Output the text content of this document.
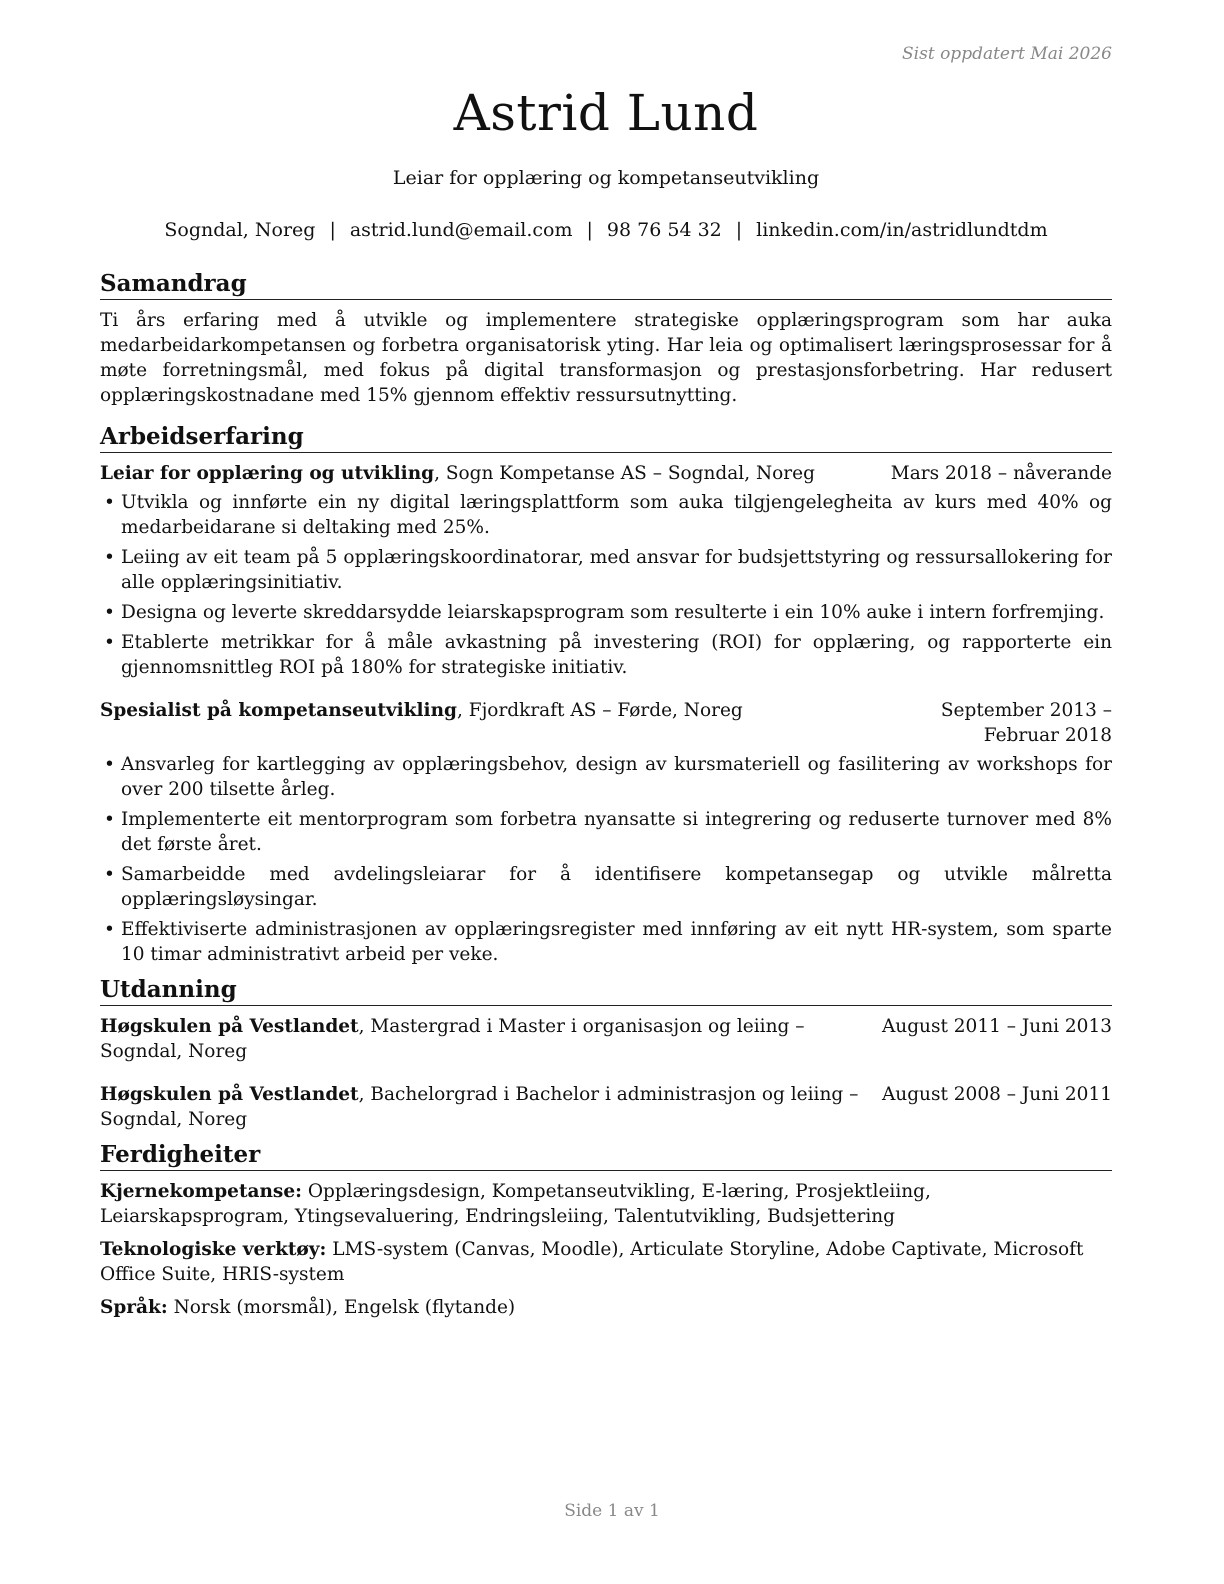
Sist oppdatert Mai 2026
Astrid Lund
Leiar for opplæring og kompetanseutvikling
Sogndal, Noreg | astrid.lund@email.com | 98 76 54 32 | linkedin.com/in/astridlundtdm
Samandrag
Ti års erfaring med å utvikle og implementere strategiske opplæringsprogram som har auka medarbeidarkompetansen og forbetra organisatorisk yting. Har leia og optimalisert læringsprosessar for å møte forretningsmål, med fokus på digital transformasjon og prestasjonsforbetring. Har redusert opplæringskostnadane med 15% gjennom effektiv ressursutnytting.
Arbeidserfaring
Leiar for opplæring og utvikling, Sogn Kompetanse AS – Sogndal, Noreg	Mars 2018 – nåverande
• Utvikla og innførte ein ny digital læringsplattform som auka tilgjengelegheita av kurs med 40% og medarbeidarane si deltaking med 25%.
• Leiing av eit team på 5 opplæringskoordinatorar, med ansvar for budsjettstyring og ressursallokering for alle opplæringsinitiativ.
• Designa og leverte skreddarsydde leiarskapsprogram som resulterte i ein 10% auke i intern forfremjing.
• Etablerte metrikkar for å måle avkastning på investering (ROI) for opplæring, og rapporterte ein gjennomsnittleg ROI på 180% for strategiske initiativ.
Spesialist på kompetanseutvikling, Fjordkraft AS – Førde, Noreg	September 2013 – Februar 2018
• Ansvarleg for kartlegging av opplæringsbehov, design av kursmateriell og fasilitering av workshops for over 200 tilsette årleg.
• Implementerte eit mentorprogram som forbetra nyansatte si integrering og reduserte turnover med 8% det første året.
• Samarbeidde med avdelingsleiarar for å identifisere kompetansegap og utvikle målretta opplæringsløysingar.
• Effektiviserte administrasjonen av opplæringsregister med innføring av eit nytt HR-system, som sparte 10 timar administrativt arbeid per veke.
Utdanning
Høgskulen på Vestlandet, Mastergrad i Master i organisasjon og leiing – Sogndal, Noreg
August 2011 – Juni 2013
Høgskulen på Vestlandet, Bachelorgrad i Bachelor i administrasjon og leiing – Sogndal, Noreg
August 2008 – Juni 2011
Ferdigheiter
Kjernekompetanse: Opplæringsdesign, Kompetanseutvikling, E-læring, Prosjektleiing, Leiarskapsprogram, Ytingsevaluering, Endringsleiing, Talentutvikling, Budsjettering
Teknologiske verktøy: LMS-system (Canvas, Moodle), Articulate Storyline, Adobe Captivate, Microsoft Office Suite, HRIS-system
Språk: Norsk (morsmål), Engelsk (flytande)
Side 1 av 1
